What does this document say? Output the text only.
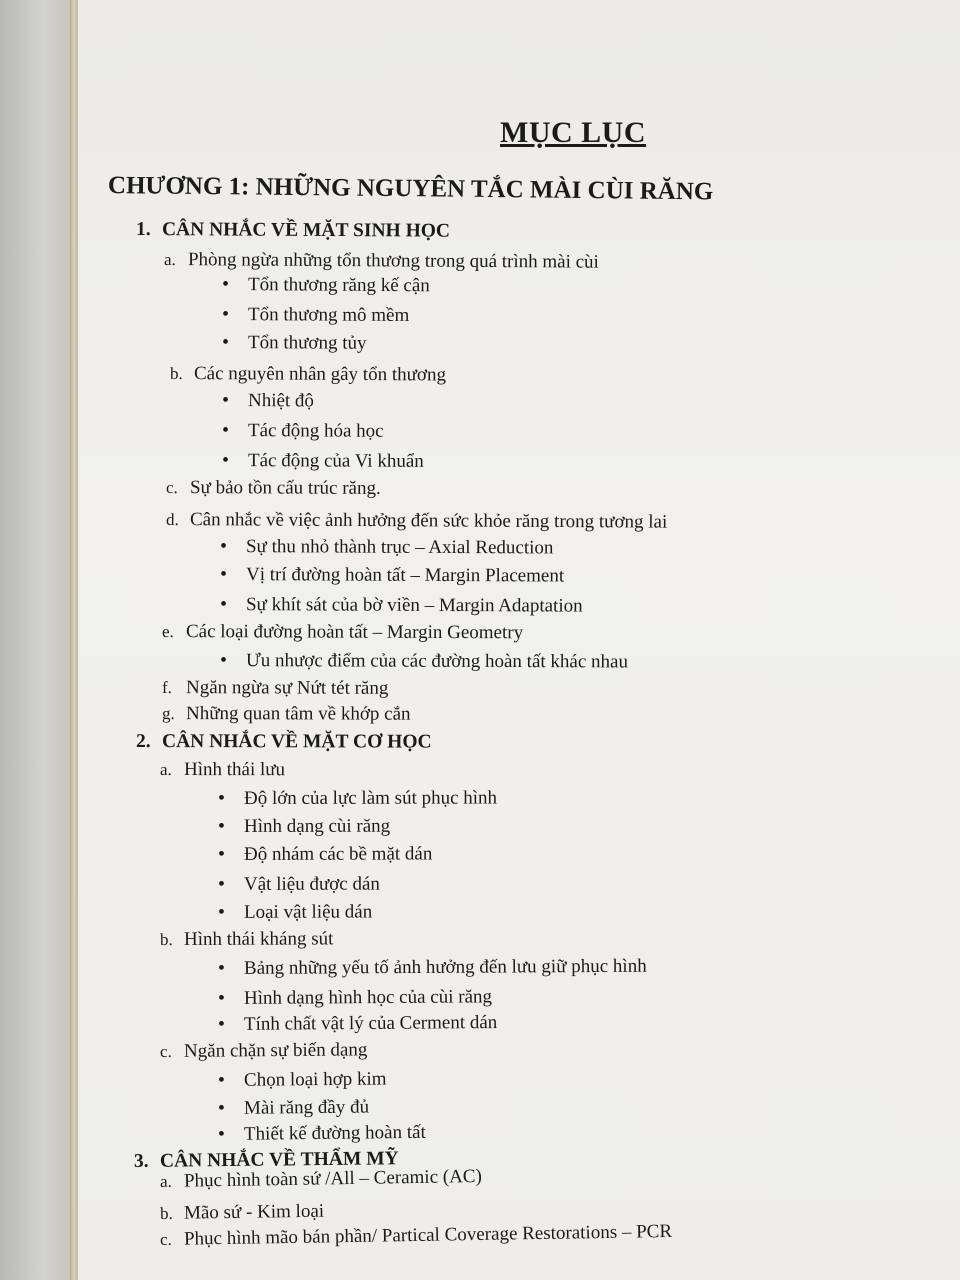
MỤC LỤC
CHƯƠNG 1: NHỮNG NGUYÊN TẮC MÀI CÙI RĂNG
1. CÂN NHẮC VỀ MẶT SINH HỌC
a. Phòng ngừa những tổn thương trong quá trình mài cùi
• Tổn thương răng kế cận
• Tổn thương mô mềm
• Tổn thương tủy
b. Các nguyên nhân gây tổn thương
• Nhiệt độ
• Tác động hóa học
• Tác động của Vi khuẩn
c. Sự bảo tồn cấu trúc răng.
d. Cân nhắc về việc ảnh hưởng đến sức khỏe răng trong tương lai
• Sự thu nhỏ thành trục – Axial Reduction
• Vị trí đường hoàn tất – Margin Placement
• Sự khít sát của bờ viền – Margin Adaptation
e. Các loại đường hoàn tất – Margin Geometry
• Ưu nhược điểm của các đường hoàn tất khác nhau
f. Ngăn ngừa sự Nứt tét răng
g. Những quan tâm về khớp cắn
2. CÂN NHẮC VỀ MẶT CƠ HỌC
a. Hình thái lưu
• Độ lớn của lực làm sút phục hình
• Hình dạng cùi răng
• Độ nhám các bề mặt dán
• Vật liệu được dán
• Loại vật liệu dán
b. Hình thái kháng sút
• Bảng những yếu tố ảnh hưởng đến lưu giữ phục hình
• Hình dạng hình học của cùi răng
• Tính chất vật lý của Cerment dán
c. Ngăn chặn sự biến dạng
• Chọn loại hợp kim
• Mài răng đầy đủ
• Thiết kế đường hoàn tất
3. CÂN NHẮC VỀ THẨM MỸ
a. Phục hình toàn sứ /All – Ceramic (AC)
b. Mão sứ - Kim loại
c. Phục hình mão bán phần/ Partical Coverage Restorations – PCR
